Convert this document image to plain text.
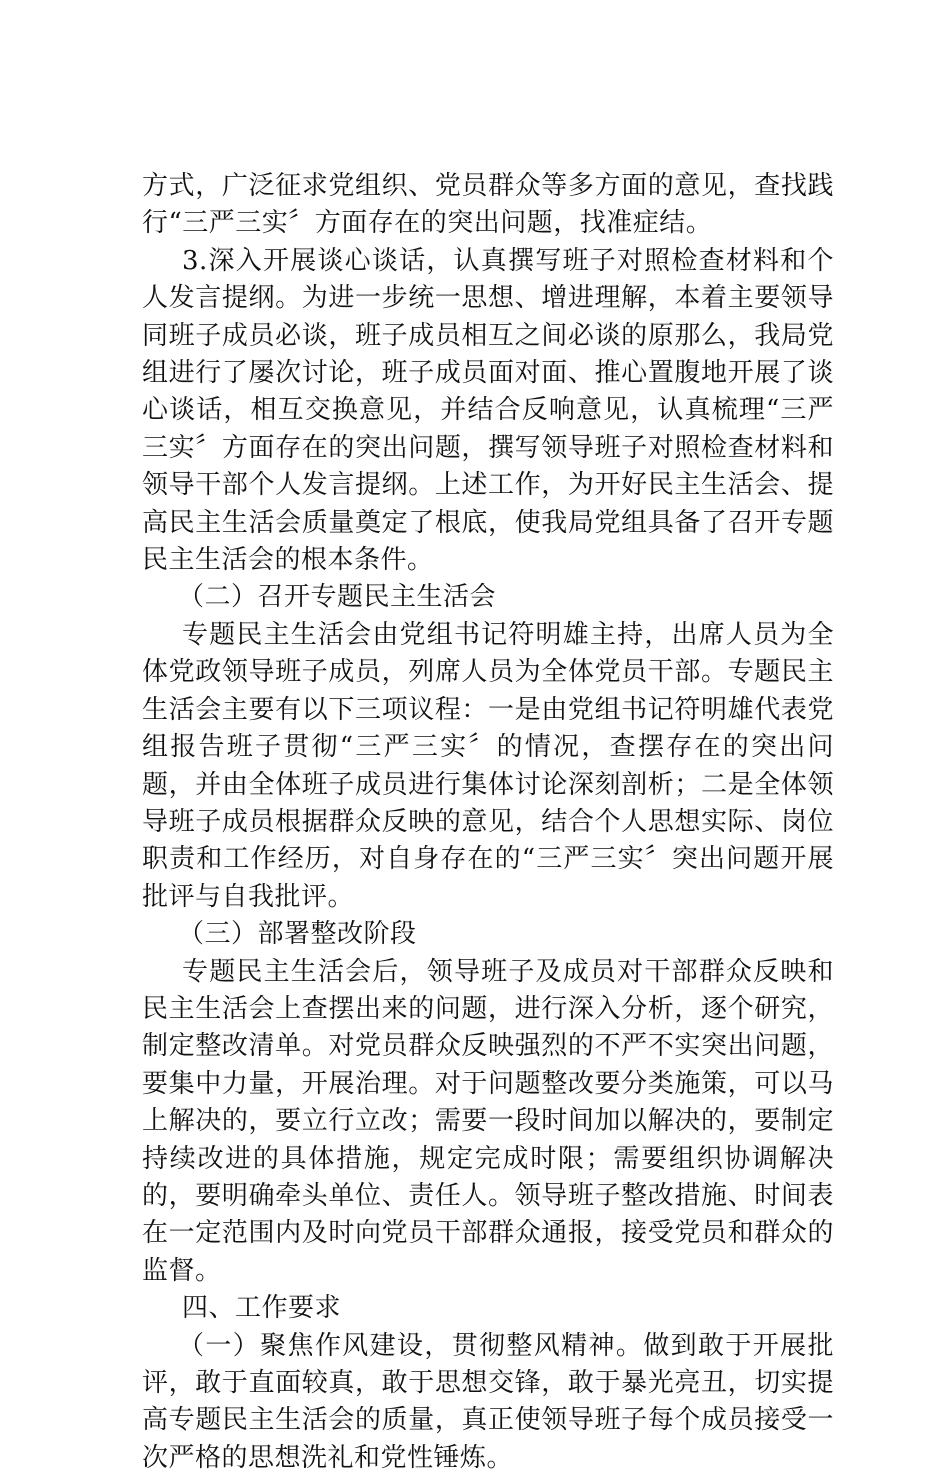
方式，广泛征求党组织、党员群众等多方面的意见，查找践行“三严三实〞方面存在的突出问题，找准症结。

3.深入开展谈心谈话，认真撰写班子对照检查材料和个人发言提纲。为进一步统一思想、增进理解，本着主要领导同班子成员必谈，班子成员相互之间必谈的原那么，我局党组进行了屡次讨论，班子成员面对面、推心置腹地开展了谈心谈话，相互交换意见，并结合反响意见，认真梳理“三严三实〞方面存在的突出问题，撰写领导班子对照检查材料和领导干部个人发言提纲。上述工作，为开好民主生活会、提高民主生活会质量奠定了根底，使我局党组具备了召开专题民主生活会的根本条件。

（二）召开专题民主生活会

专题民主生活会由党组书记符明雄主持，出席人员为全体党政领导班子成员，列席人员为全体党员干部。专题民主生活会主要有以下三项议程：一是由党组书记符明雄代表党组报告班子贯彻“三严三实〞的情况，查摆存在的突出问题，并由全体班子成员进行集体讨论深刻剖析；二是全体领导班子成员根据群众反映的意见，结合个人思想实际、岗位职责和工作经历，对自身存在的“三严三实〞突出问题开展批评与自我批评。

（三）部署整改阶段

专题民主生活会后，领导班子及成员对干部群众反映和民主生活会上查摆出来的问题，进行深入分析，逐个研究，制定整改清单。对党员群众反映强烈的不严不实突出问题，要集中力量，开展治理。对于问题整改要分类施策，可以马上解决的，要立行立改；需要一段时间加以解决的，要制定持续改进的具体措施，规定完成时限；需要组织协调解决的，要明确牵头单位、责任人。领导班子整改措施、时间表在一定范围内及时向党员干部群众通报，接受党员和群众的监督。

四、工作要求

（一）聚焦作风建设，贯彻整风精神。做到敢于开展批评，敢于直面较真，敢于思想交锋，敢于暴光亮丑，切实提高专题民主生活会的质量，真正使领导班子每个成员接受一次严格的思想洗礼和党性锤炼。
